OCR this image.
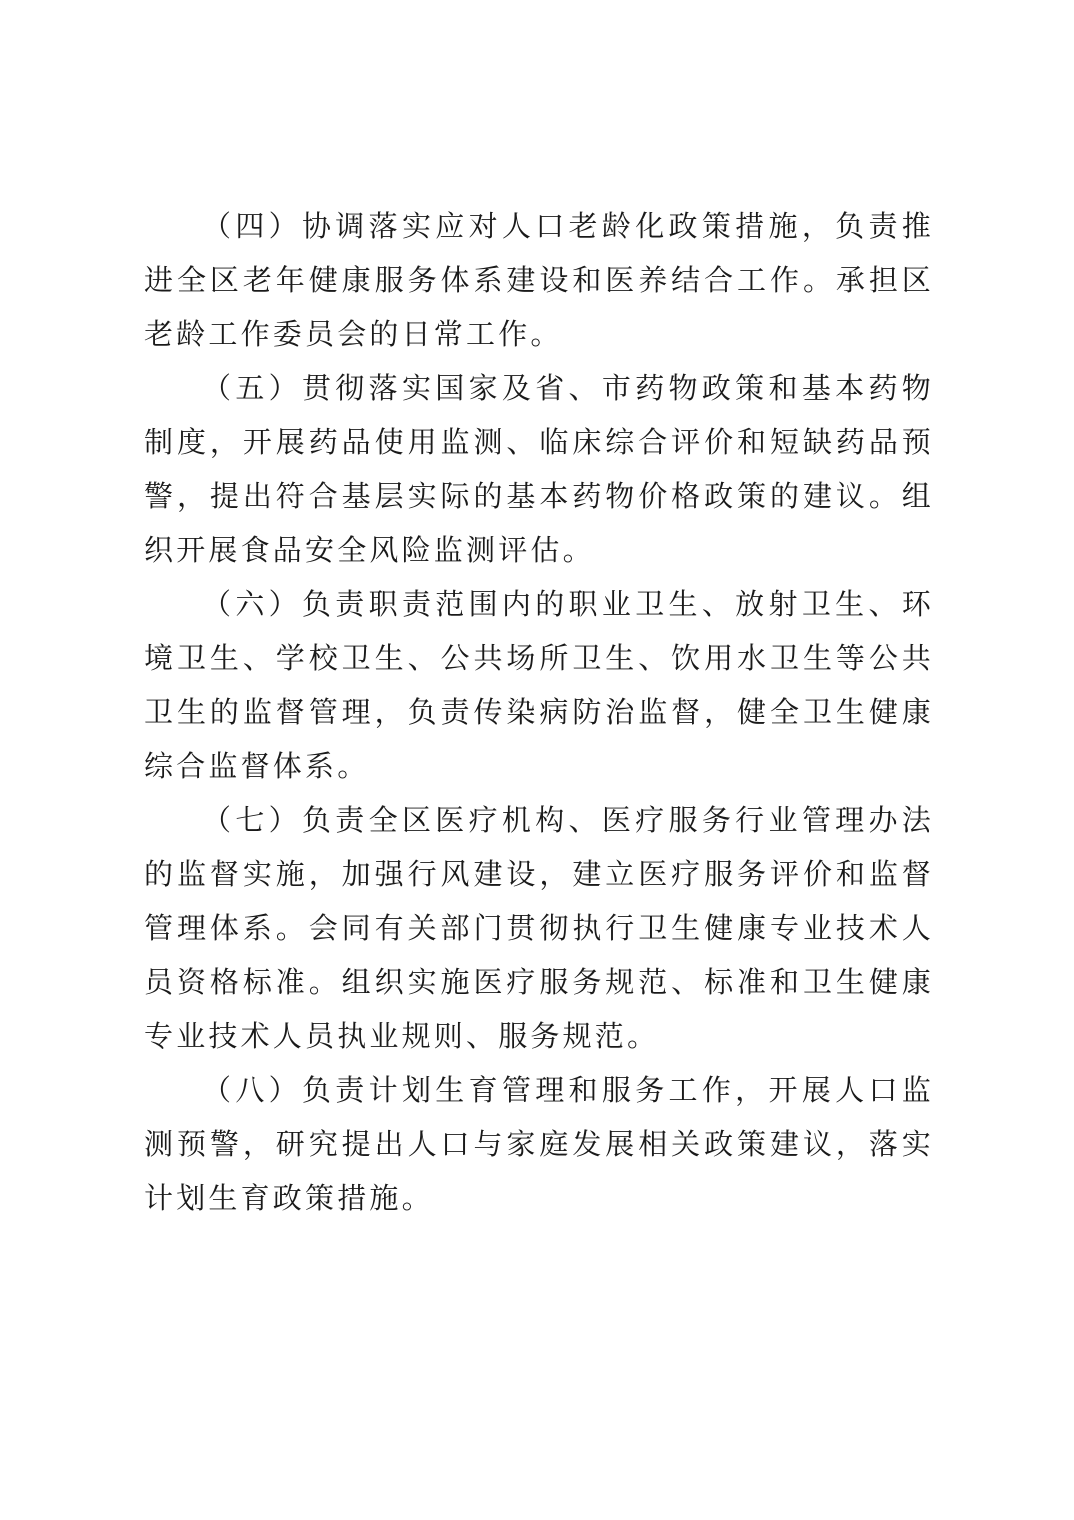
（四）协调落实应对人口老龄化政策措施，负责推进全区老年健康服务体系建设和医养结合工作。承担区老龄工作委员会的日常工作。

（五）贯彻落实国家及省、市药物政策和基本药物制度，开展药品使用监测、临床综合评价和短缺药品预警，提出符合基层实际的基本药物价格政策的建议。组织开展食品安全风险监测评估。

（六）负责职责范围内的职业卫生、放射卫生、环境卫生、学校卫生、公共场所卫生、饮用水卫生等公共卫生的监督管理，负责传染病防治监督，健全卫生健康综合监督体系。

（七）负责全区医疗机构、医疗服务行业管理办法的监督实施，加强行风建设，建立医疗服务评价和监督管理体系。会同有关部门贯彻执行卫生健康专业技术人员资格标准。组织实施医疗服务规范、标准和卫生健康专业技术人员执业规则、服务规范。

（八）负责计划生育管理和服务工作，开展人口监测预警，研究提出人口与家庭发展相关政策建议，落实计划生育政策措施。
